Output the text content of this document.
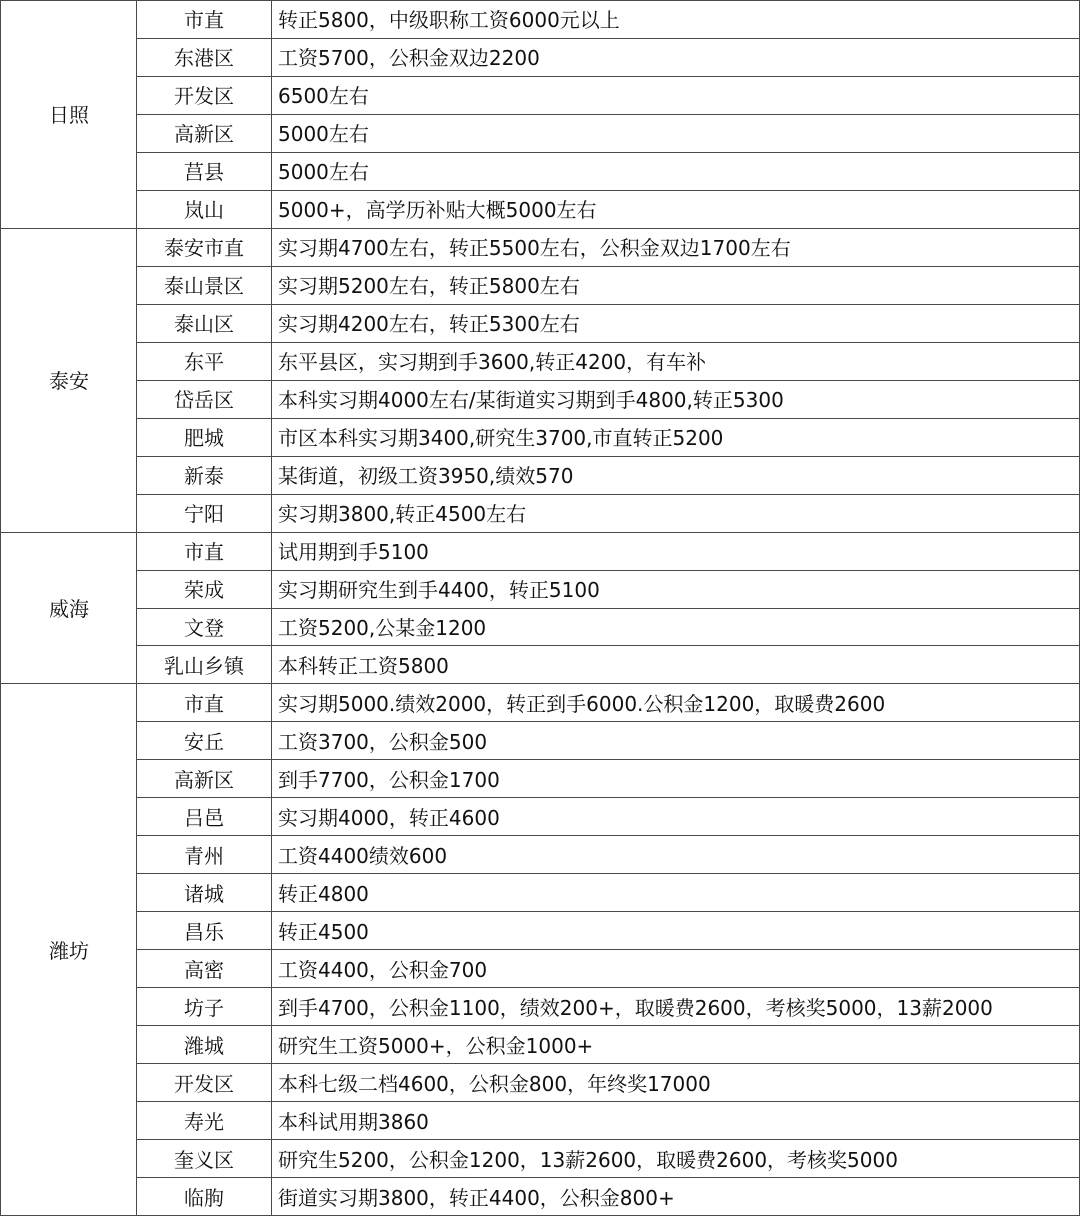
日照
市直	转正5800，中级职称工资6000元以上
东港区	工资5700，公积金双边2200
开发区	6500左右
高新区	5000左右
莒县	5000左右
岚山	5000+，高学历补贴大概5000左右
泰安
泰安市直	实习期4700左右，转正5500左右，公积金双边1700左右
泰山景区	实习期5200左右，转正5800左右
泰山区	实习期4200左右，转正5300左右
东平	东平县区，实习期到手3600,转正4200，有车补
岱岳区	本科实习期4000左右/某街道实习期到手4800,转正5300
肥城	市区本科实习期3400,研究生3700,市直转正5200
新泰	某街道，初级工资3950,绩效570
宁阳	实习期3800,转正4500左右
威海
市直	试用期到手5100
荣成	实习期研究生到手4400，转正5100
文登	工资5200,公某金1200
乳山乡镇	本科转正工资5800
潍坊
市直	实习期5000.绩效2000，转正到手6000.公积金1200，取暖费2600
安丘	工资3700，公积金500
高新区	到手7700，公积金1700
吕邑	实习期4000，转正4600
青州	工资4400绩效600
诸城	转正4800
昌乐	转正4500
高密	工资4400，公积金700
坊子	到手4700，公积金1100，绩效200+，取暖费2600，考核奖5000，13薪2000
潍城	研究生工资5000+，公积金1000+
开发区	本科七级二档4600，公积金800，年终奖17000
寿光	本科试用期3860
奎义区	研究生5200，公积金1200，13薪2600，取暖费2600，考核奖5000
临朐	街道实习期3800，转正4400，公积金800+
